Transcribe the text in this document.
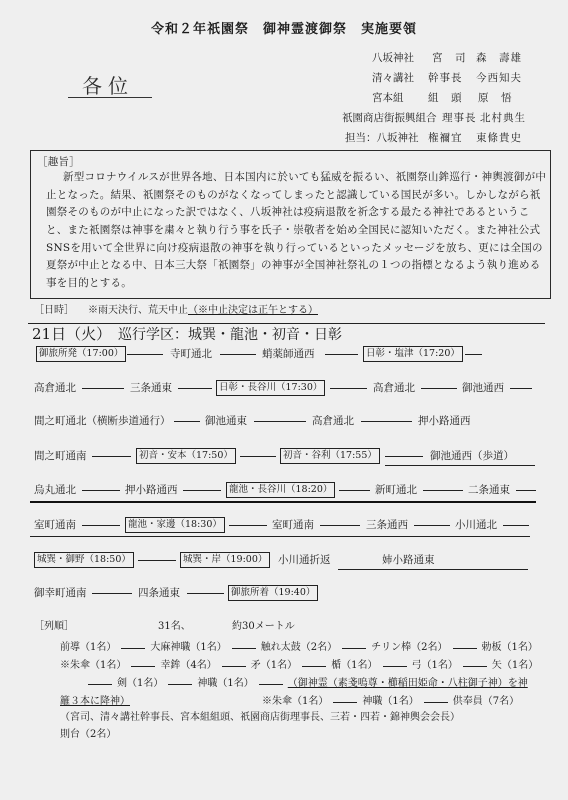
令和２年祇園祭　御神霊渡御祭　実施要領
八坂神社 宮　司 森　壽雄
清々講社 幹事長 今西知夫
宮本組 組　頭 原　悟
祇園商店街振興組合 理事長 北村典生
担当：八坂神社 権禰宜 東條貴史
各位
［趣旨］
新型コロナウイルスが世界各地、日本国内に於いても猛威を振るい、祇園祭山鉾巡行・神輿渡御が中
止となった。結果、祇園祭そのものがなくなってしまったと認識している国民が多い。しかしながら祇
園祭そのものが中止になった訳ではなく、八坂神社は疫病退散を祈念する最たる神社であるというこ
と、また祇園祭は神事を粛々と執り行う事を氏子・崇敬者を始め全国民に認知いただく。また神社公式
SNSを用いて全世界に向け疫病退散の神事を執り行っているといったメッセージを放ち、更には全国の
夏祭が中止となる中、日本三大祭「祇園祭」の神事が全国神社祭礼の１つの指標となるよう執り進める
事を目的とする。
［日時］ ※雨天決行、荒天中止 （※中止決定は正午とする）
21日（火） 巡行学区：城巽・龍池・初音・日彰
御旅所発（17:00）	寺町通北	蛸薬師通西	日彰・塩津（17:20）
高倉通北	三条通東	日彰・長谷川（17:30）	高倉通北	御池通西
間之町通北（横断歩道通行）	御池通東	高倉通北	押小路通西
間之町通南	初音・安本（17:50）	初音・谷利（17:55）	御池通西（歩道）
烏丸通北	押小路通西	龍池・長谷川（18:20）	新町通北	二条通東
室町通南	龍池・家邊（18:30）	室町通南	三条通西	小川通北
城巽・御野（18:50）	城巽・岸（19:00） 小川通折返	姉小路通東
御幸町通南	四条通東	御旅所着（19:40）
［列順］	31名、	約30メートル
前導（1名）	大麻神職（1名）	触れ太鼓（2名）	チリン棒（2名）	勅板（1名）
※朱傘（1名）	幸鉾（4名）	矛（1名）	楯（1名）	弓（1名）	矢（1名）
剣（1名）	神職（1名）	（御神霊（素戔嗚尊・櫛稲田姫命・八柱御子神）を神
籬３本に降神）	※朱傘（1名）	神職（1名）	供奉員（7名）
（宮司、清々講社幹事長、宮本組組頭、祇園商店街理事長、三若・四若・錦神輿会会長）
則台（2名）
